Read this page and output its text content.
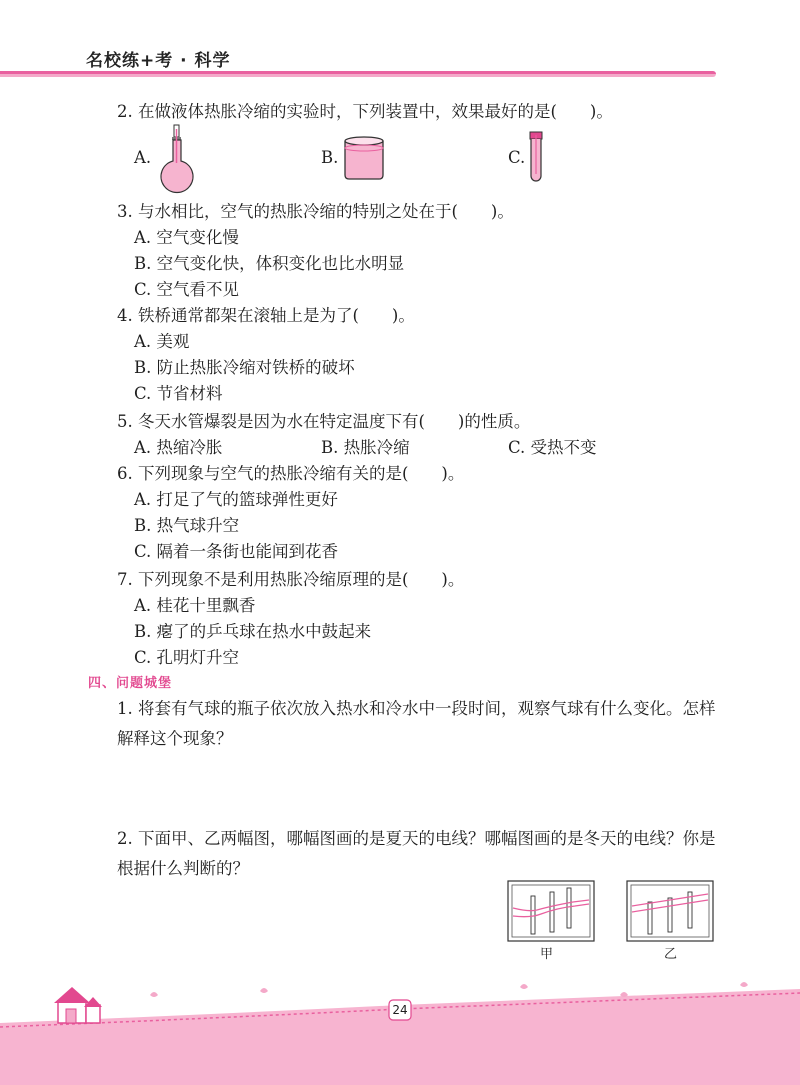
名校练+考 · 科学
2. 在做液体热胀冷缩的实验时，下列装置中，效果最好的是(　　)。
A.	B.	C.
3. 与水相比，空气的热胀冷缩的特别之处在于(　　)。
A. 空气变化慢
B. 空气变化快，体积变化也比水明显
C. 空气看不见
4. 铁桥通常都架在滚轴上是为了(　　)。
A. 美观
B. 防止热胀冷缩对铁桥的破坏
C. 节省材料
5. 冬天水管爆裂是因为水在特定温度下有(　　)的性质。
A. 热缩冷胀	B. 热胀冷缩	C. 受热不变
6. 下列现象与空气的热胀冷缩有关的是(　　)。
A. 打足了气的篮球弹性更好
B. 热气球升空
C. 隔着一条街也能闻到花香
7. 下列现象不是利用热胀冷缩原理的是(　　)。
A. 桂花十里飘香
B. 瘪了的乒乓球在热水中鼓起来
C. 孔明灯升空
四、问题城堡
1. 将套有气球的瓶子依次放入热水和冷水中一段时间，观察气球有什么变化。怎样解释这个现象？
2. 下面甲、乙两幅图，哪幅图画的是夏天的电线？哪幅图画的是冬天的电线？你是根据什么判断的？
甲	乙
24
